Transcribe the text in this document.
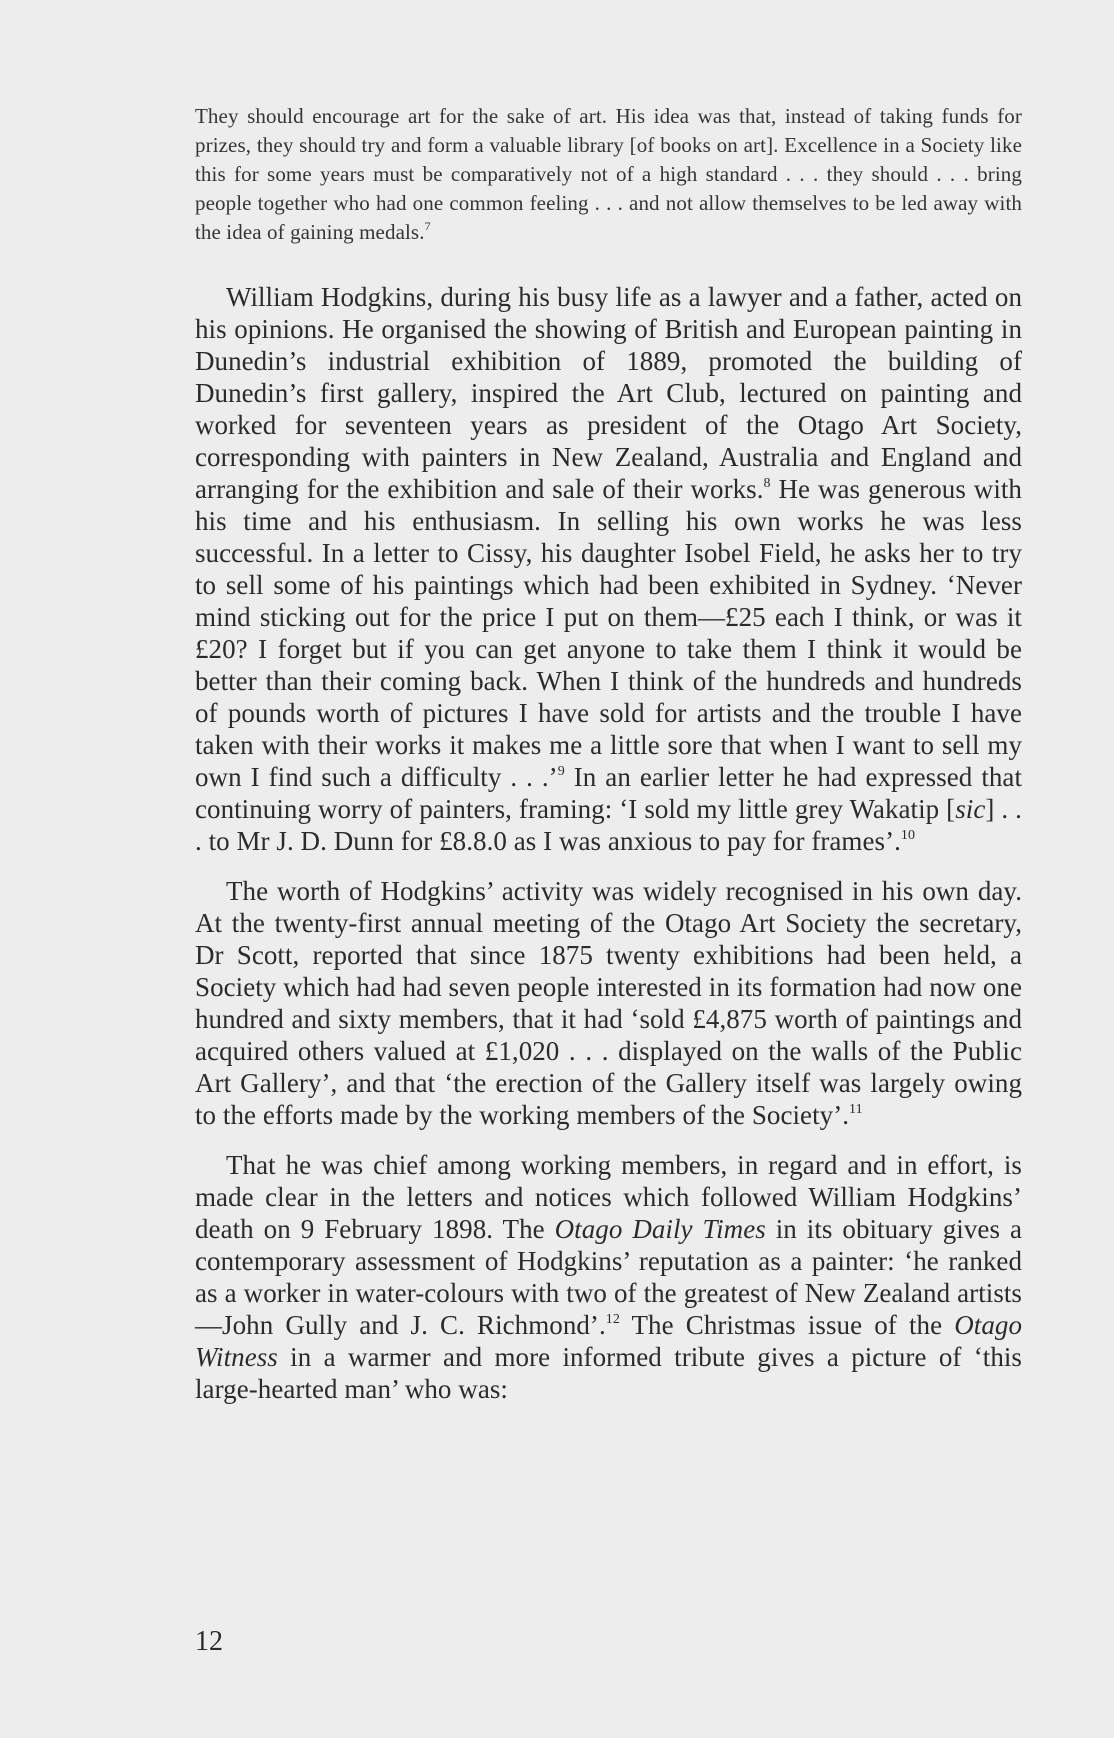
They should encourage art for the sake of art. His idea was that, instead of taking funds for prizes, they should try and form a valuable library [of books on art]. Excellence in a Society like this for some years must be comparatively not of a high standard . . . they should . . . bring people together who had one common feeling . . . and not allow themselves to be led away with the idea of gaining medals.$^7$

William Hodgkins, during his busy life as a lawyer and a father, acted on his opinions. He organised the showing of British and European painting in Dunedin’s industrial exhibition of 1889, promoted the building of Dunedin’s first gallery, inspired the Art Club, lectured on painting and worked for seventeen years as president of the Otago Art Society, corresponding with painters in New Zealand, Australia and England and arranging for the exhibition and sale of their works.$^8$ He was generous with his time and his enthusiasm. In selling his own works he was less successful. In a letter to Cissy, his daughter Isobel Field, he asks her to try to sell some of his paintings which had been exhibited in Sydney. ‘Never mind sticking out for the price I put on them—£25 each I think, or was it £20? I forget but if you can get anyone to take them I think it would be better than their coming back. When I think of the hundreds and hundreds of pounds worth of pictures I have sold for artists and the trouble I have taken with their works it makes me a little sore that when I want to sell my own I find such a difficulty . . .’$^9$ In an earlier letter he had expressed that continuing worry of painters, framing: ‘I sold my little grey Wakatip [sic] . . . to Mr J. D. Dunn for £8.8.0 as I was anxious to pay for frames’.$^{10}$

The worth of Hodgkins’ activity was widely recognised in his own day. At the twenty-first annual meeting of the Otago Art Society the secretary, Dr Scott, reported that since 1875 twenty exhibitions had been held, a Society which had had seven people interested in its formation had now one hundred and sixty members, that it had ‘sold £4,875 worth of paintings and acquired others valued at £1,020 . . . displayed on the walls of the Public Art Gallery’, and that ‘the erection of the Gallery itself was largely owing to the efforts made by the working members of the Society’.$^{11}$

That he was chief among working members, in regard and in effort, is made clear in the letters and notices which followed William Hodgkins’ death on 9 February 1898. The Otago Daily Times in its obituary gives a contemporary assessment of Hodgkins’ reputation as a painter: ‘he ranked as a worker in water-colours with two of the greatest of New Zealand artists—John Gully and J. C. Richmond’.$^{12}$ The Christmas issue of the Otago Witness in a warmer and more informed tribute gives a picture of ‘this large-hearted man’ who was:

12
